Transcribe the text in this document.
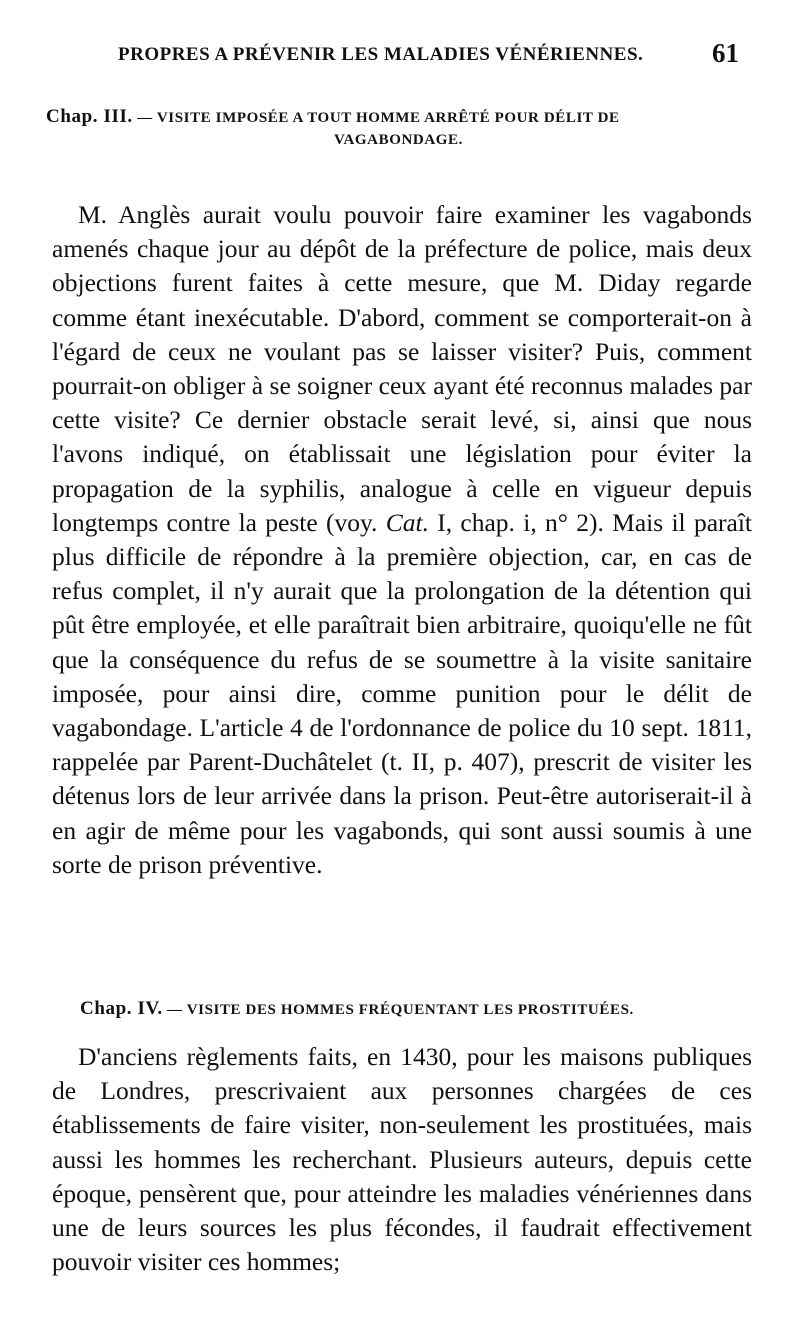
PROPRES A PRÉVENIR LES MALADIES VÉNÉRIENNES.	61
Chap. III. — VISITE IMPOSÉE A TOUT HOMME ARRÊTÉ POUR DÉLIT DE
VAGABONDAGE.

M. Anglès aurait voulu pouvoir faire examiner les vagabonds amenés chaque jour au dépôt de la préfecture de police, mais deux objections furent faites à cette mesure, que M. Diday regarde comme étant inexécutable. D'abord, comment se comporterait-on à l'égard de ceux ne voulant pas se laisser visiter? Puis, comment pourrait-on obliger à se soigner ceux ayant été reconnus malades par cette visite? Ce dernier obstacle serait levé, si, ainsi que nous l'avons indiqué, on établissait une législation pour éviter la propagation de la syphilis, analogue à celle en vigueur depuis longtemps contre la peste (voy. Cat. I, chap. i, n° 2). Mais il paraît plus difficile de répondre à la première objection, car, en cas de refus complet, il n'y aurait que la prolongation de la détention qui pût être employée, et elle paraîtrait bien arbitraire, quoiqu'elle ne fût que la conséquence du refus de se soumettre à la visite sanitaire imposée, pour ainsi dire, comme punition pour le délit de vagabondage. L'article 4 de l'ordonnance de police du 10 sept. 1811, rappelée par Parent-Duchâtelet (t. II, p. 407), prescrit de visiter les détenus lors de leur arrivée dans la prison. Peut-être autoriserait-il à en agir de même pour les vagabonds, qui sont aussi soumis à une sorte de prison préventive.

Chap. IV. — VISITE DES HOMMES FRÉQUENTANT LES PROSTITUÉES.

D'anciens règlements faits, en 1430, pour les maisons publiques de Londres, prescrivaient aux personnes chargées de ces établissements de faire visiter, non-seulement les prostituées, mais aussi les hommes les recherchant. Plusieurs auteurs, depuis cette époque, pensèrent que, pour atteindre les maladies vénériennes dans une de leurs sources les plus fécondes, il faudrait effectivement pouvoir visiter ces hommes;
